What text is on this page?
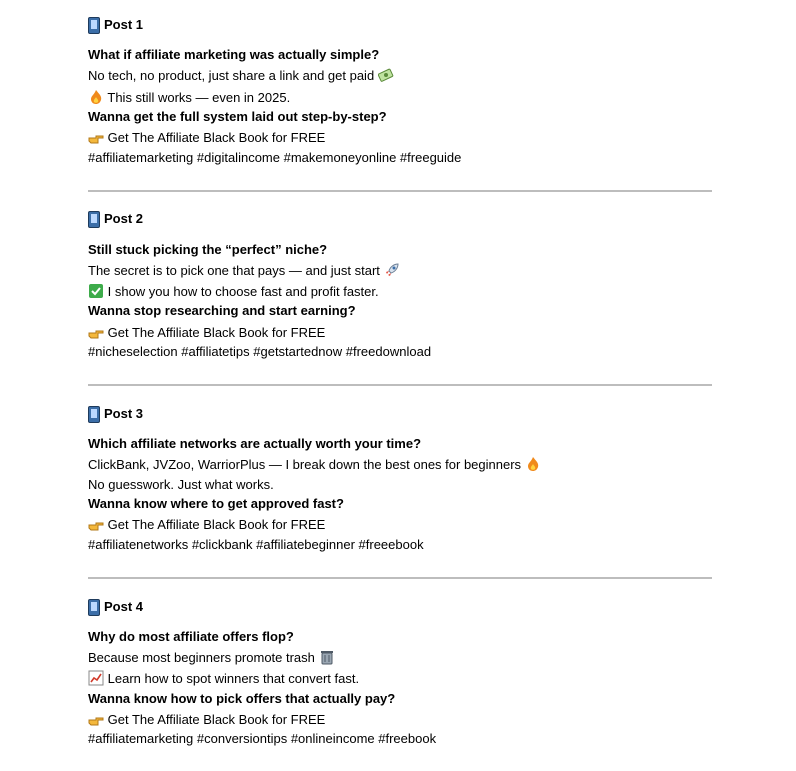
Post 1
What if affiliate marketing was actually simple?
No tech, no product, just share a link and get paid
This still works — even in 2025.
Wanna get the full system laid out step-by-step?
Get The Affiliate Black Book for FREE
#affiliatemarketing #digitalincome #makemoneyonline #freeguide
Post 2
Still stuck picking the “perfect” niche?
The secret is to pick one that pays — and just start
I show you how to choose fast and profit faster.
Wanna stop researching and start earning?
Get The Affiliate Black Book for FREE
#nicheselection #affiliatetips #getstartednow #freedownload
Post 3
Which affiliate networks are actually worth your time?
ClickBank, JVZoo, WarriorPlus — I break down the best ones for beginners
No guesswork. Just what works.
Wanna know where to get approved fast?
Get The Affiliate Black Book for FREE
#affiliatenetworks #clickbank #affiliatebeginner #freeebook
Post 4
Why do most affiliate offers flop?
Because most beginners promote trash
Learn how to spot winners that convert fast.
Wanna know how to pick offers that actually pay?
Get The Affiliate Black Book for FREE
#affiliatemarketing #conversiontips #onlineincome #freebook
